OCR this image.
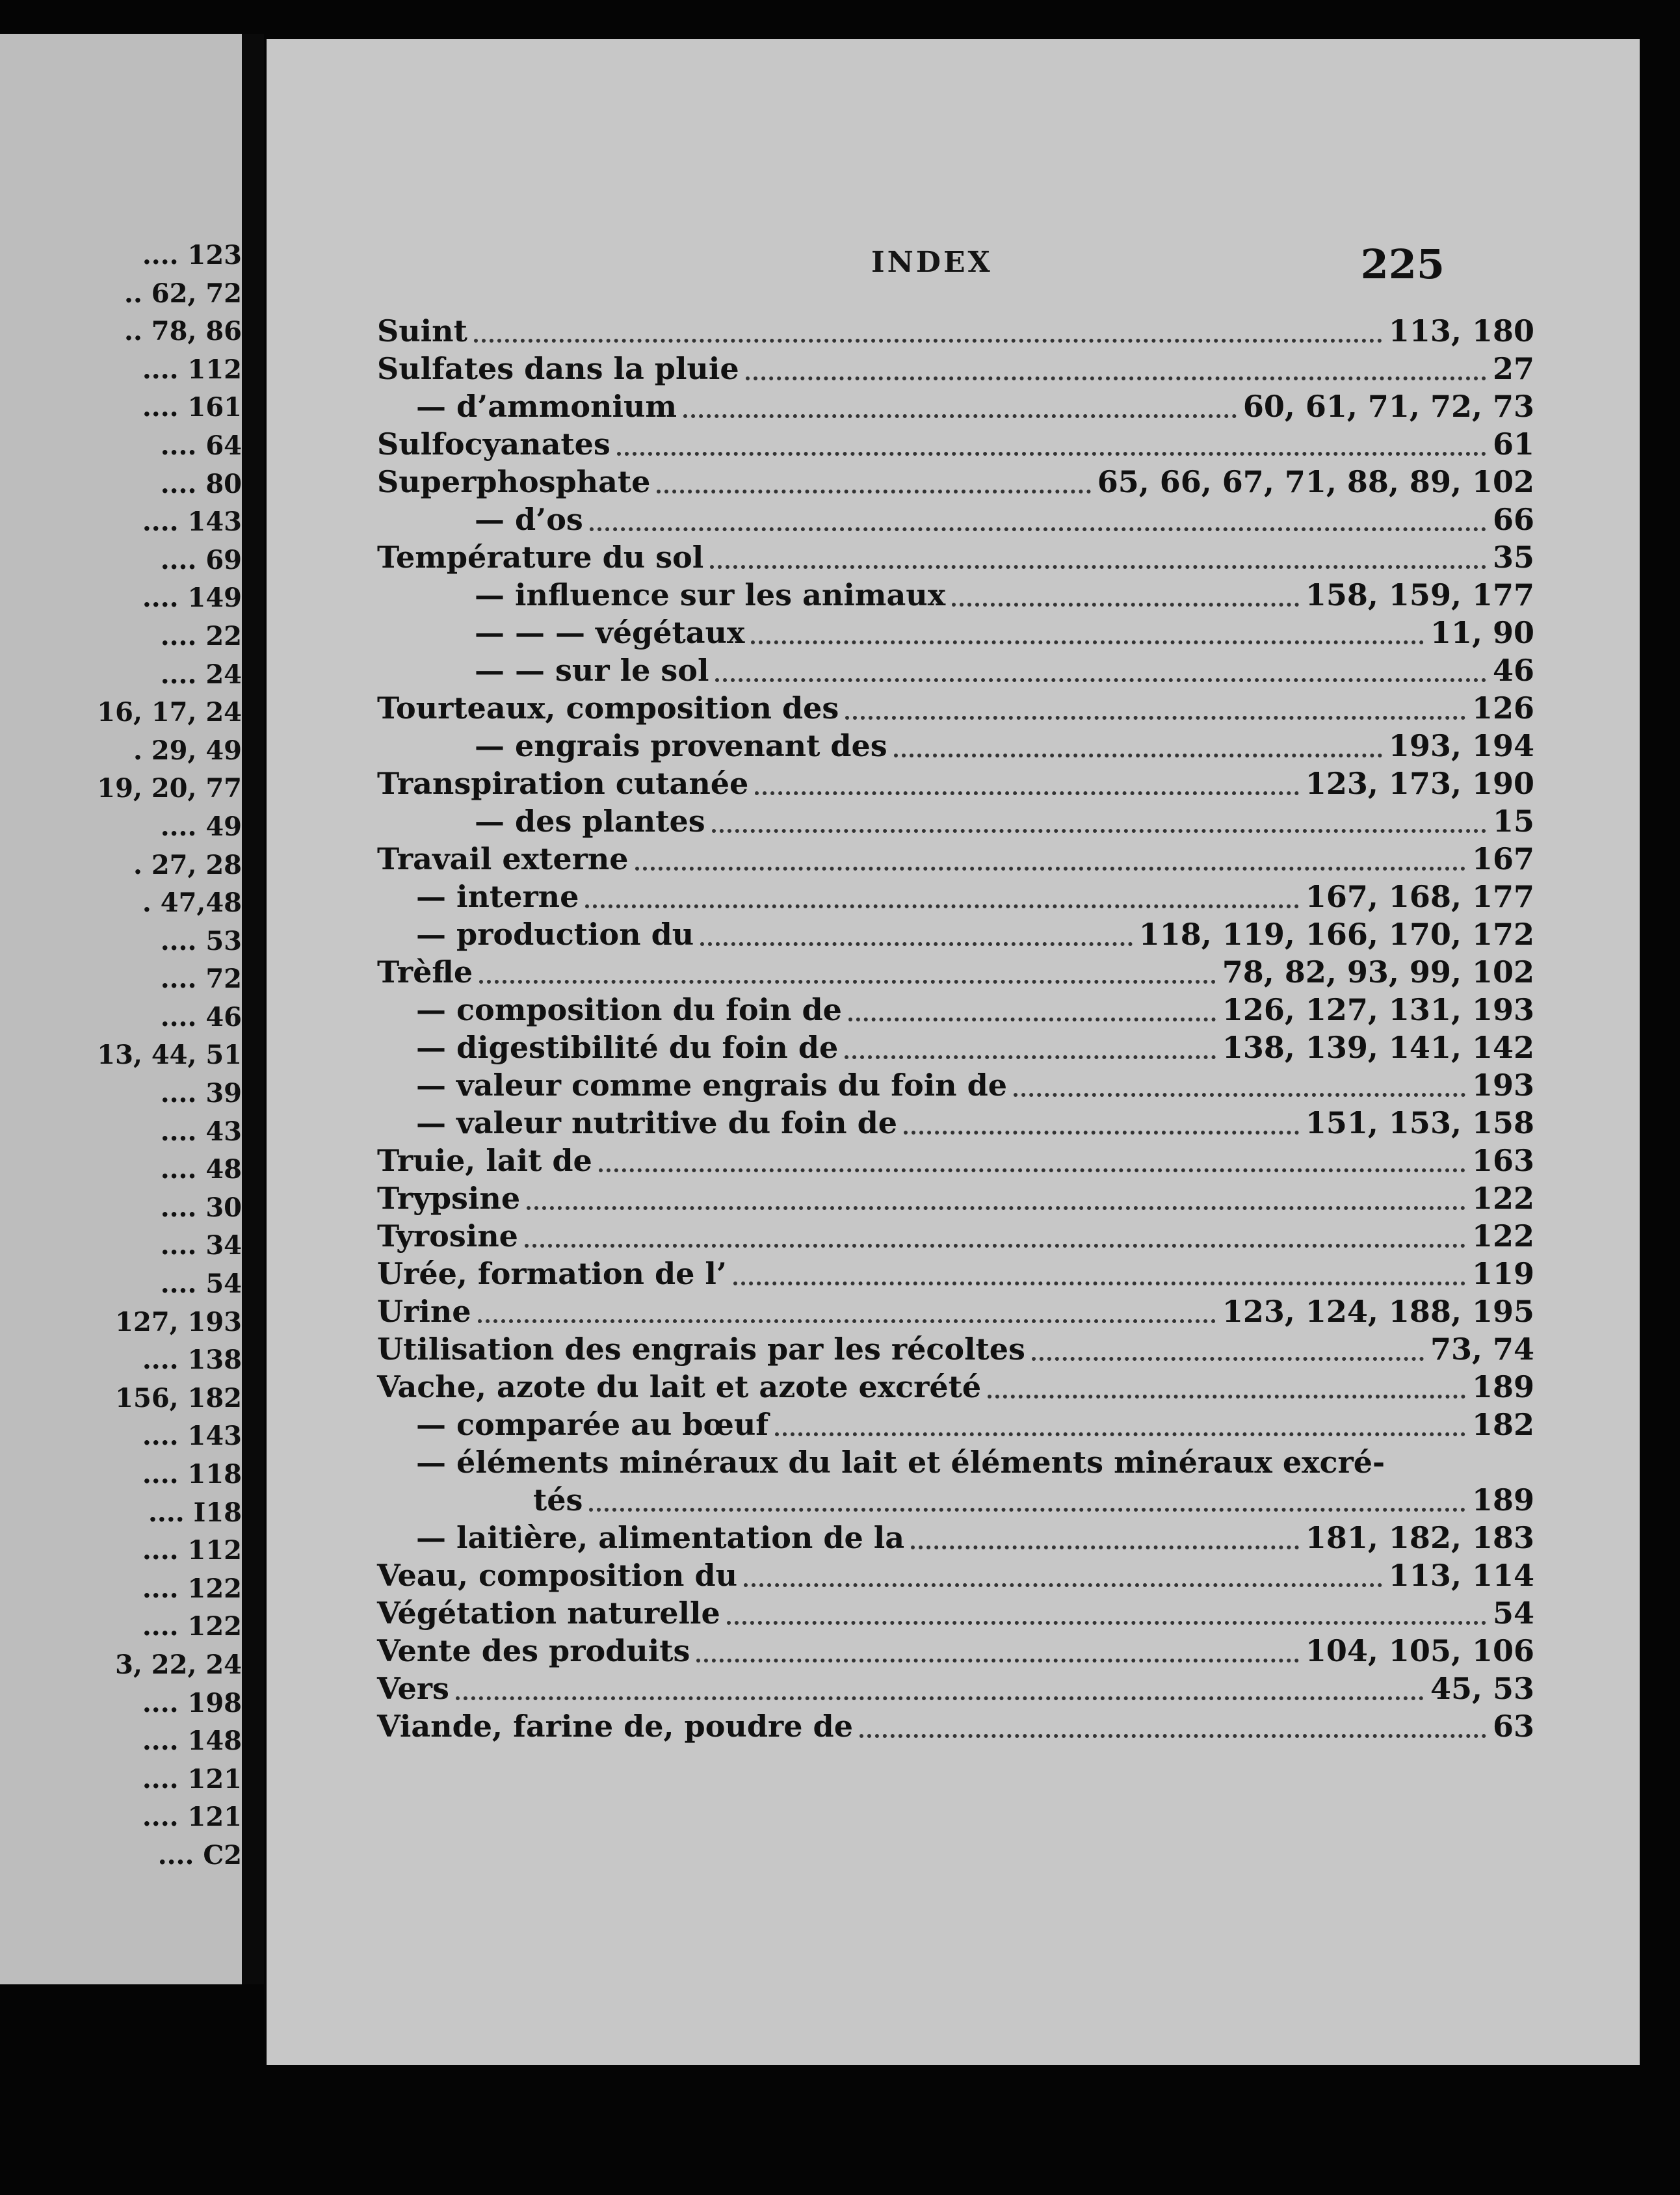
.... 123
.. 62, 72
.. 78, 86
.... 112
.... 161
.... 64
.... 80
.... 143
.... 69
.... 149
.... 22
.... 24
16, 17, 24
. 29, 49
19, 20, 77
.... 49
. 27, 28
. 47,48
.... 53
.... 72
.... 46
13, 44, 51
.... 39
.... 43
.... 48
.... 30
.... 34
.... 54
127, 193
.... 138
156, 182
.... 143
.... 118
.... I18
.... 112
.... 122
.... 122
3, 22, 24
.... 198
.... 148
.... 121
.... 121
.... C2
INDEX	225
Suint	113, 180
Sulfates dans la pluie	27
— d’ammonium	60, 61, 71, 72, 73
Sulfocyanates	61
Superphosphate	65, 66, 67, 71, 88, 89, 102
— d’os	66
Température du sol	35
— influence sur les animaux	158, 159, 177
— — — végétaux	11, 90
— — sur le sol	46
Tourteaux, composition des	126
— engrais provenant des	193, 194
Transpiration cutanée	123, 173, 190
— des plantes	15
Travail externe	167
— interne	167, 168, 177
— production du	118, 119, 166, 170, 172
Trèfle	78, 82, 93, 99, 102
— composition du foin de	126, 127, 131, 193
— digestibilité du foin de	138, 139, 141, 142
— valeur comme engrais du foin de	193
— valeur nutritive du foin de	151, 153, 158
Truie, lait de	163
Trypsine	122
Tyrosine	122
Urée, formation de l’	119
Urine	123, 124, 188, 195
Utilisation des engrais par les récoltes	73, 74
Vache, azote du lait et azote excrété	189
— comparée au bœuf	182
— éléments minéraux du lait et éléments minéraux excré-
tés	189
— laitière, alimentation de la	181, 182, 183
Veau, composition du	113, 114
Végétation naturelle	54
Vente des produits	104, 105, 106
Vers	45, 53
Viande, farine de, poudre de	63
